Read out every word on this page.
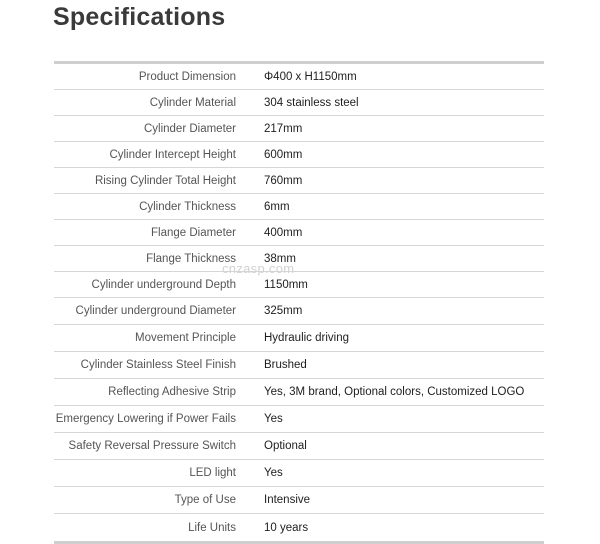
Specifications
Product Dimension Φ400 x H1150mm
Cylinder Material 304 stainless steel
Cylinder Diameter 217mm
Cylinder Intercept Height 600mm
Rising Cylinder Total Height 760mm
Cylinder Thickness 6mm
Flange Diameter 400mm
Flange Thickness 38mm
Cylinder underground Depth 1150mm
Cylinder underground Diameter 325mm
Movement Principle Hydraulic driving
Cylinder Stainless Steel Finish Brushed
Reflecting Adhesive Strip Yes, 3M brand, Optional colors, Customized LOGO
Emergency Lowering if Power Fails Yes
Safety Reversal Pressure Switch Optional
LED light Yes
Type of Use Intensive
Life Units 10 years
cnzasp.com
